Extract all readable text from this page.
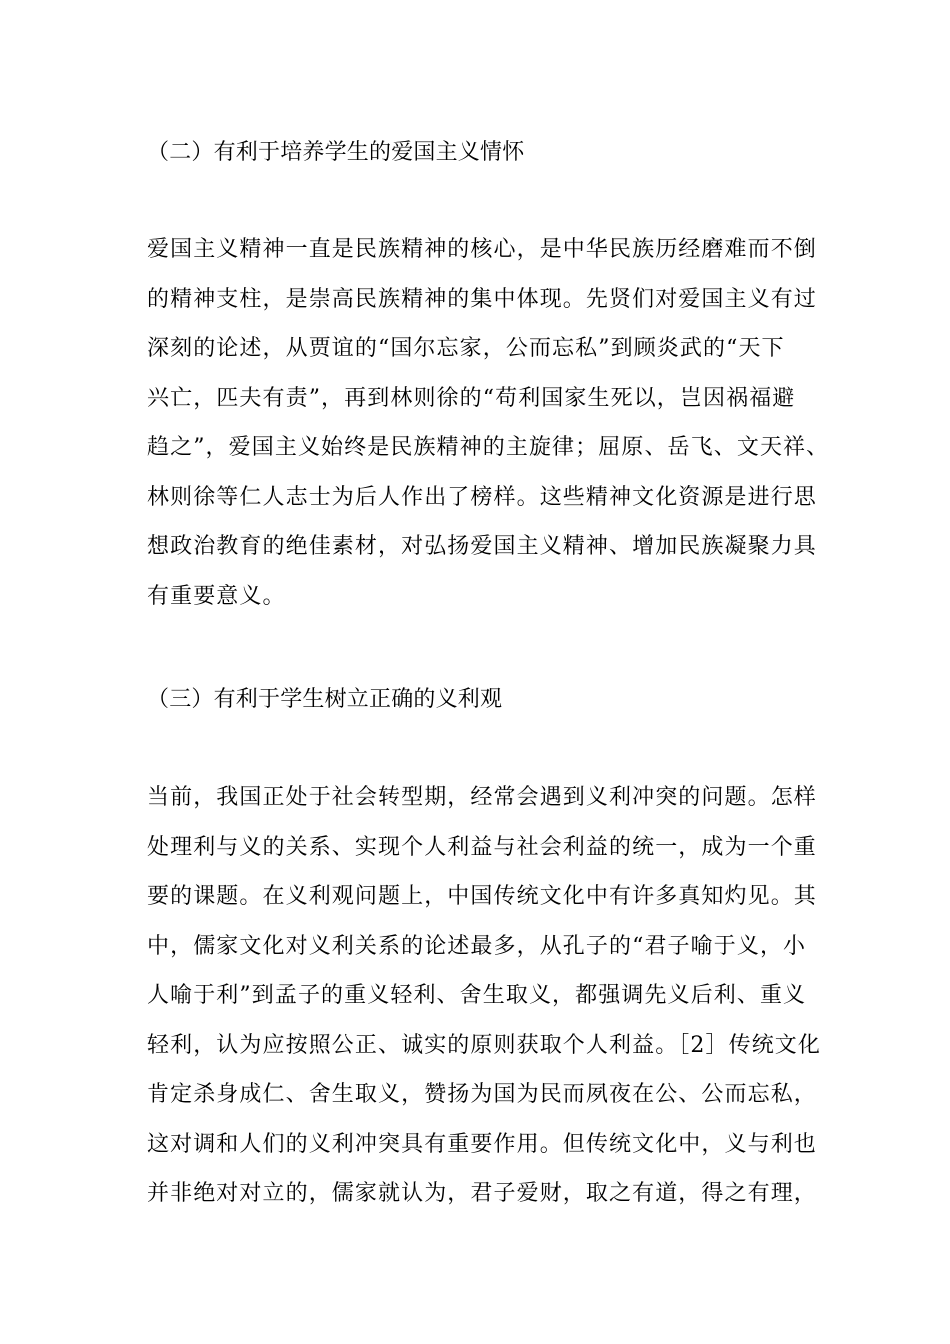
（二）有利于培养学生的爱国主义情怀
爱国主义精神一直是民族精神的核心，是中华民族历经磨难而不倒
的精神支柱，是崇高民族精神的集中体现。先贤们对爱国主义有过
深刻的论述，从贾谊的“国尔忘家，公而忘私”到顾炎武的“天下
兴亡，匹夫有责”，再到林则徐的“苟利国家生死以，岂因祸福避
趋之”，爱国主义始终是民族精神的主旋律；屈原、岳飞、文天祥、
林则徐等仁人志士为后人作出了榜样。这些精神文化资源是进行思
想政治教育的绝佳素材，对弘扬爱国主义精神、增加民族凝聚力具
有重要意义。
（三）有利于学生树立正确的义利观
当前，我国正处于社会转型期，经常会遇到义利冲突的问题。怎样
处理利与义的关系、实现个人利益与社会利益的统一，成为一个重
要的课题。在义利观问题上，中国传统文化中有许多真知灼见。其
中，儒家文化对义利关系的论述最多，从孔子的“君子喻于义，小
人喻于利”到孟子的重义轻利、舍生取义，都强调先义后利、重义
轻利，认为应按照公正、诚实的原则获取个人利益。［2］传统文化
肯定杀身成仁、舍生取义，赞扬为国为民而夙夜在公、公而忘私，
这对调和人们的义利冲突具有重要作用。但传统文化中，义与利也
并非绝对对立的，儒家就认为，君子爱财，取之有道，得之有理，
